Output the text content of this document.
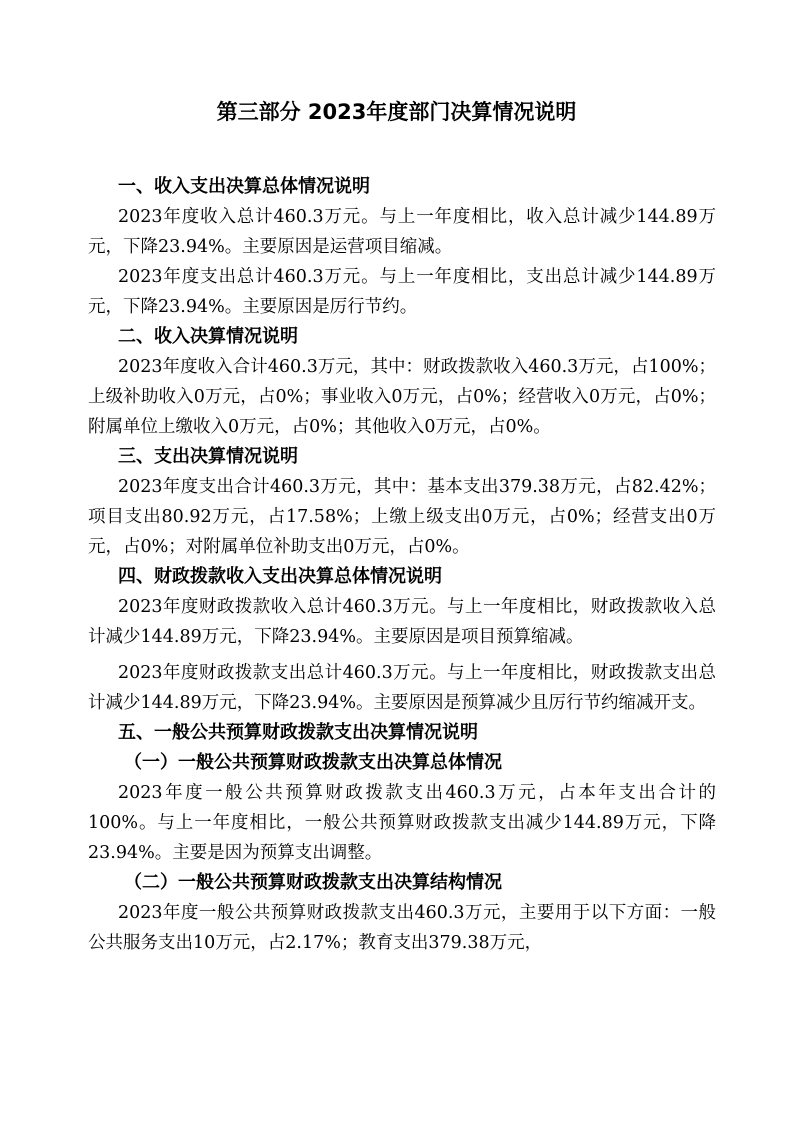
第三部分 2023年度部门决算情况说明

一、收入支出决算总体情况说明

2023年度收入总计460.3万元。与上一年度相比，收入总计减少144.89万元，下降23.94%。主要原因是运营项目缩减。

2023年度支出总计460.3万元。与上一年度相比，支出总计减少144.89万元，下降23.94%。主要原因是厉行节约。

二、收入决算情况说明

2023年度收入合计460.3万元，其中：财政拨款收入460.3万元，占100%；上级补助收入0万元，占0%；事业收入0万元，占0%；经营收入0万元，占0%；附属单位上缴收入0万元，占0%；其他收入0万元，占0%。

三、支出决算情况说明

2023年度支出合计460.3万元，其中：基本支出379.38万元，占82.42%；项目支出80.92万元，占17.58%；上缴上级支出0万元，占0%；经营支出0万元，占0%；对附属单位补助支出0万元，占0%。

四、财政拨款收入支出决算总体情况说明

2023年度财政拨款收入总计460.3万元。与上一年度相比，财政拨款收入总计减少144.89万元，下降23.94%。主要原因是项目预算缩减。

2023年度财政拨款支出总计460.3万元。与上一年度相比，财政拨款支出总计减少144.89万元，下降23.94%。主要原因是预算减少且厉行节约缩减开支。

五、一般公共预算财政拨款支出决算情况说明

（一）一般公共预算财政拨款支出决算总体情况

2023年度一般公共预算财政拨款支出460.3万元，占本年支出合计的100%。与上一年度相比，一般公共预算财政拨款支出减少144.89万元，下降23.94%。主要是因为预算支出调整。

（二）一般公共预算财政拨款支出决算结构情况

2023年度一般公共预算财政拨款支出460.3万元，主要用于以下方面：一般公共服务支出10万元，占2.17%；教育支出379.38万元，
